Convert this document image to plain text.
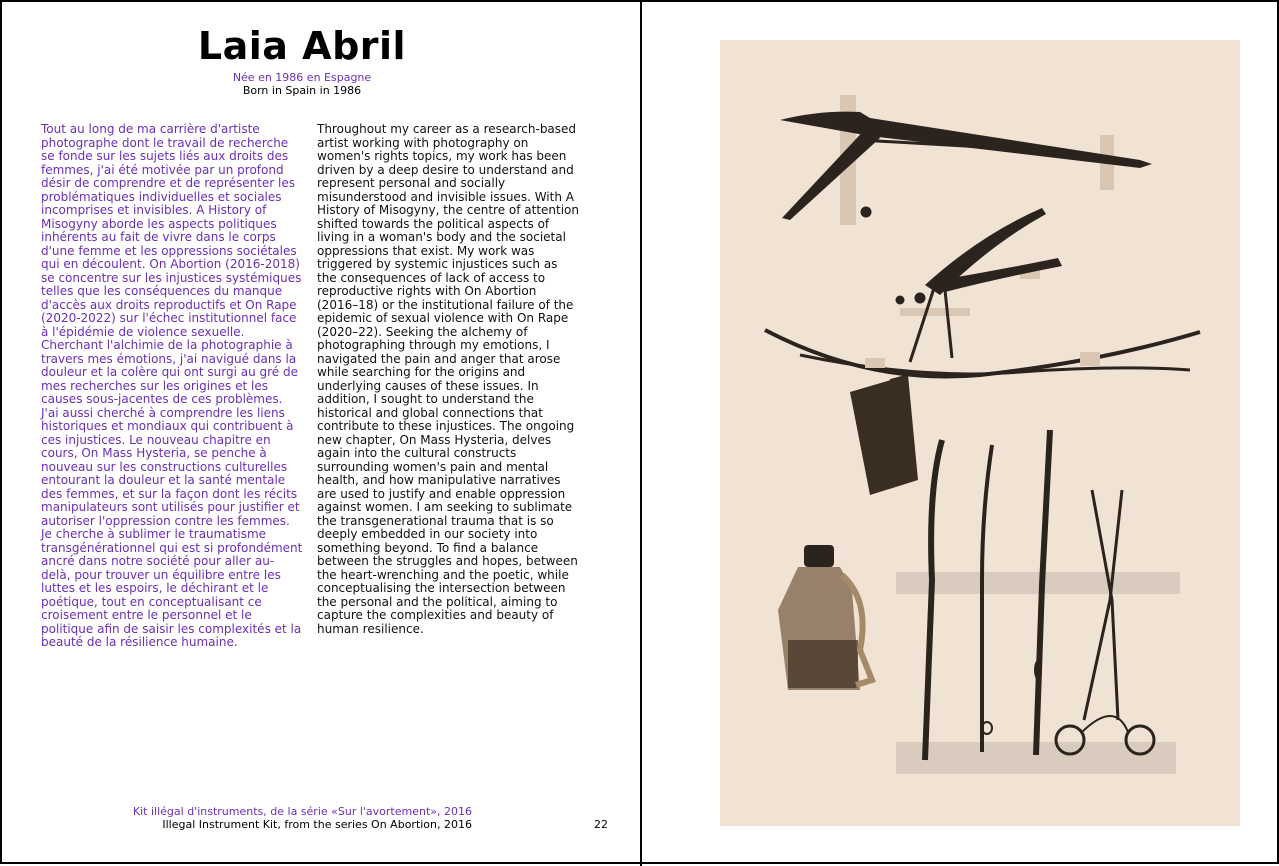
Laia Abril
Née en 1986 en Espagne
Born in Spain in 1986

Tout au long de ma carrière d'artiste photographe dont le travail de recherche se fonde sur les sujets liés aux droits des femmes, j'ai été motivée par un profond désir de comprendre et de représenter les problématiques individuelles et sociales incomprises et invisibles. A History of Misogyny aborde les aspects politiques inhérents au fait de vivre dans le corps d'une femme et les oppressions sociétales qui en découlent. On Abortion (2016-2018) se concentre sur les injustices systémiques telles que les conséquences du manque d'accès aux droits reproductifs et On Rape (2020-2022) sur l'échec institutionnel face à l'épidémie de violence sexuelle. Cherchant l'alchimie de la photographie à travers mes émotions, j'ai navigué dans la douleur et la colère qui ont surgi au gré de mes recherches sur les origines et les causes sous-jacentes de ces problèmes. J'ai aussi cherché à comprendre les liens historiques et mondiaux qui contribuent à ces injustices. Le nouveau chapitre en cours, On Mass Hysteria, se penche à nouveau sur les constructions culturelles entourant la douleur et la santé mentale des femmes, et sur la façon dont les récits manipulateurs sont utilisés pour justifier et autoriser l'oppression contre les femmes. Je cherche à sublimer le traumatisme transgénérationnel qui est si profondément ancré dans notre société pour aller au-delà, pour trouver un équilibre entre les luttes et les espoirs, le déchirant et le poétique, tout en conceptualisant ce croisement entre le personnel et le politique afin de saisir les complexités et la beauté de la résilience humaine.

Throughout my career as a research-based artist working with photography on women's rights topics, my work has been driven by a deep desire to understand and represent personal and socially misunderstood and invisible issues. With A History of Misogyny, the centre of attention shifted towards the political aspects of living in a woman's body and the societal oppressions that exist. My work was triggered by systemic injustices such as the consequences of lack of access to reproductive rights with On Abortion (2016–18) or the institutional failure of the epidemic of sexual violence with On Rape (2020–22). Seeking the alchemy of photographing through my emotions, I navigated the pain and anger that arose while searching for the origins and underlying causes of these issues. In addition, I sought to understand the historical and global connections that contribute to these injustices. The ongoing new chapter, On Mass Hysteria, delves again into the cultural constructs surrounding women's pain and mental health, and how manipulative narratives are used to justify and enable oppression against women. I am seeking to sublimate the transgenerational trauma that is so deeply embedded in our society into something beyond. To find a balance between the struggles and hopes, between the heart-wrenching and the poetic, while conceptualising the intersection between the personal and the political, aiming to capture the complexities and beauty of human resilience.

Kit illégal d'instruments, de la série «Sur l'avortement», 2016
Illegal Instrument Kit, from the series On Abortion, 2016	22
